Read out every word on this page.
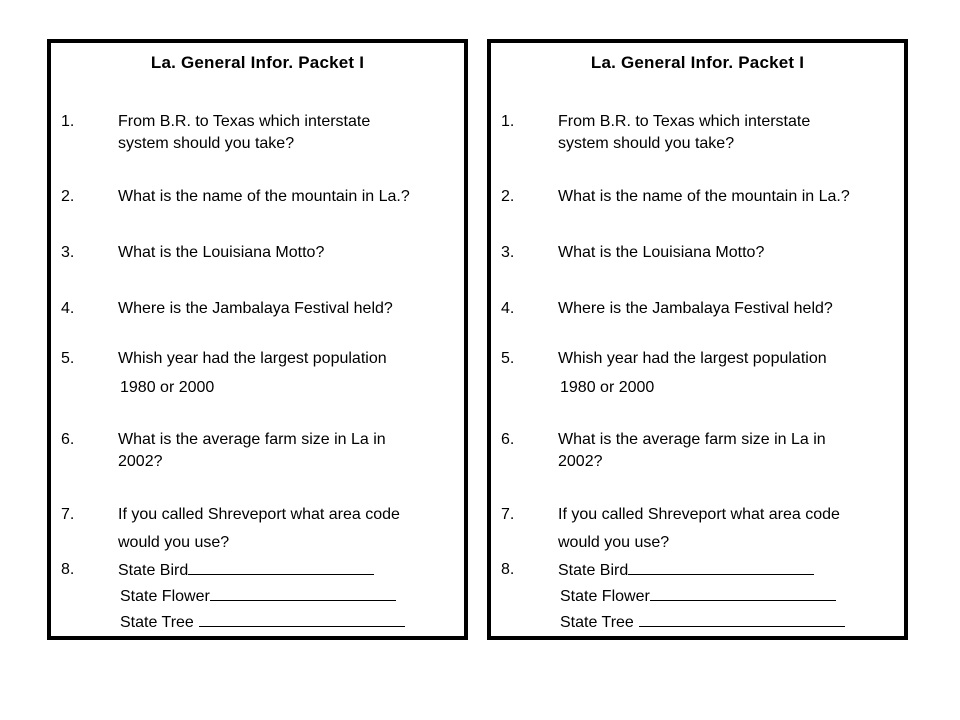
La. General Infor. Packet I
1.	From B.R. to Texas which interstate
system should you take?
2.	What is the name of the mountain in La.?
3.	What is the Louisiana Motto?
4.	Where is the Jambalaya Festival held?
5.	Whish year had the largest population
1980 or 2000
6.	What is the average farm size in La in
2002?
7.	If you called Shreveport what area code
would you use?
8.	State Bird
State Flower
State Tree
La. General Infor. Packet I
1.	From B.R. to Texas which interstate
system should you take?
2.	What is the name of the mountain in La.?
3.	What is the Louisiana Motto?
4.	Where is the Jambalaya Festival held?
5.	Whish year had the largest population
1980 or 2000
6.	What is the average farm size in La in
2002?
7.	If you called Shreveport what area code
would you use?
8.	State Bird
State Flower
State Tree
